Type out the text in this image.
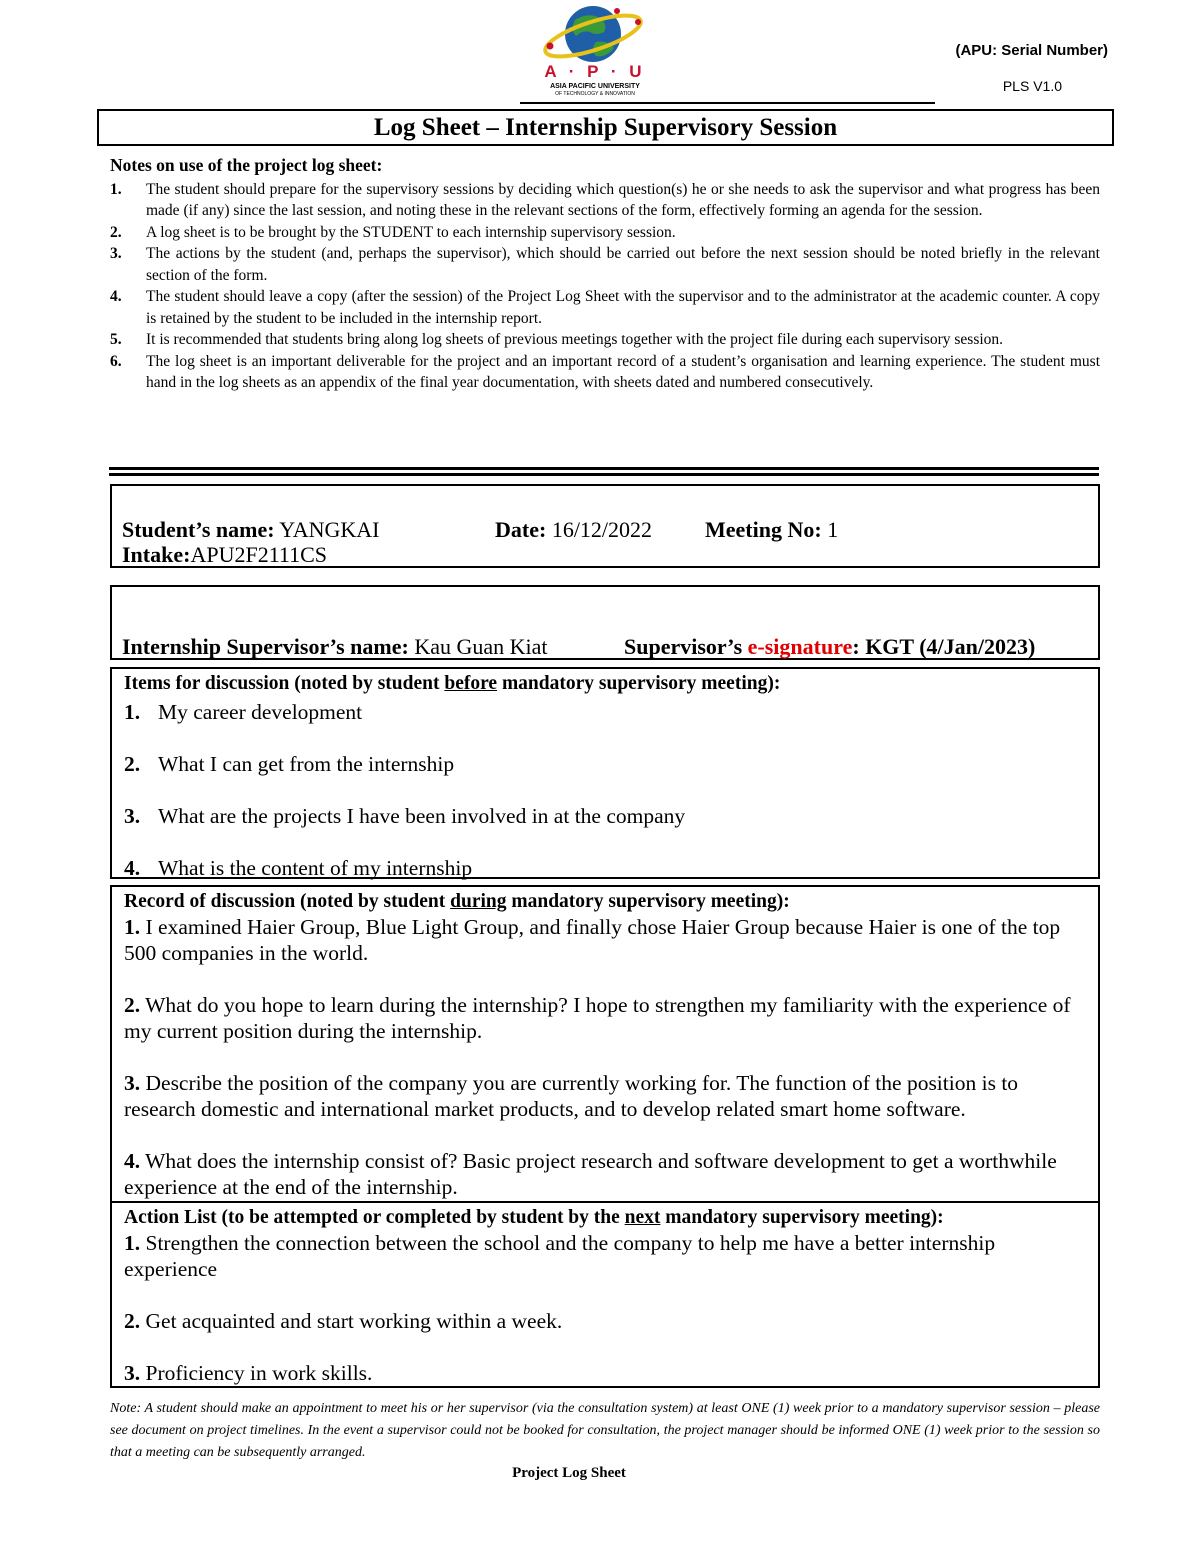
A · P · U
ASIA PACIFIC UNIVERSITY
OF TECHNOLOGY & INNOVATION
(APU: Serial Number)
PLS V1.0
Log Sheet – Internship Supervisory Session
Notes on use of the project log sheet:
1. The student should prepare for the supervisory sessions by deciding which question(s) he or she needs to ask the supervisor and what progress has been made (if any) since the last session, and noting these in the relevant sections of the form, effectively forming an agenda for the session.
2. A log sheet is to be brought by the STUDENT to each internship supervisory session.
3. The actions by the student (and, perhaps the supervisor), which should be carried out before the next session should be noted briefly in the relevant section of the form.
4. The student should leave a copy (after the session) of the Project Log Sheet with the supervisor and to the administrator at the academic counter. A copy is retained by the student to be included in the internship report.
5. It is recommended that students bring along log sheets of previous meetings together with the project file during each supervisory session.
6. The log sheet is an important deliverable for the project and an important record of a student’s organisation and learning experience. The student must hand in the log sheets as an appendix of the final year documentation, with sheets dated and numbered consecutively.
Student’s name: YANGKAI	Date: 16/12/2022 Meeting No: 1
Intake:APU2F2111CS
Internship Supervisor’s name: Kau Guan Kiat	Supervisor’s e-signature: KGT (4/Jan/2023)
Items for discussion (noted by student before mandatory supervisory meeting):
1. My career development
2. What I can get from the internship
3. What are the projects I have been involved in at the company
4. What is the content of my internship
Record of discussion (noted by student during mandatory supervisory meeting):
1. I examined Haier Group, Blue Light Group, and finally chose Haier Group because Haier is one of the top 500 companies in the world.
2. What do you hope to learn during the internship? I hope to strengthen my familiarity with the experience of my current position during the internship.
3. Describe the position of the company you are currently working for. The function of the position is to research domestic and international market products, and to develop related smart home software.
4. What does the internship consist of? Basic project research and software development to get a worthwhile experience at the end of the internship.
Action List (to be attempted or completed by student by the next mandatory supervisory meeting):
1. Strengthen the connection between the school and the company to help me have a better internship experience
2. Get acquainted and start working within a week.
3. Proficiency in work skills.
Note: A student should make an appointment to meet his or her supervisor (via the consultation system) at least ONE (1) week prior to a mandatory supervisor session – please see document on project timelines. In the event a supervisor could not be booked for consultation, the project manager should be informed ONE (1) week prior to the session so that a meeting can be subsequently arranged.
Project Log Sheet
